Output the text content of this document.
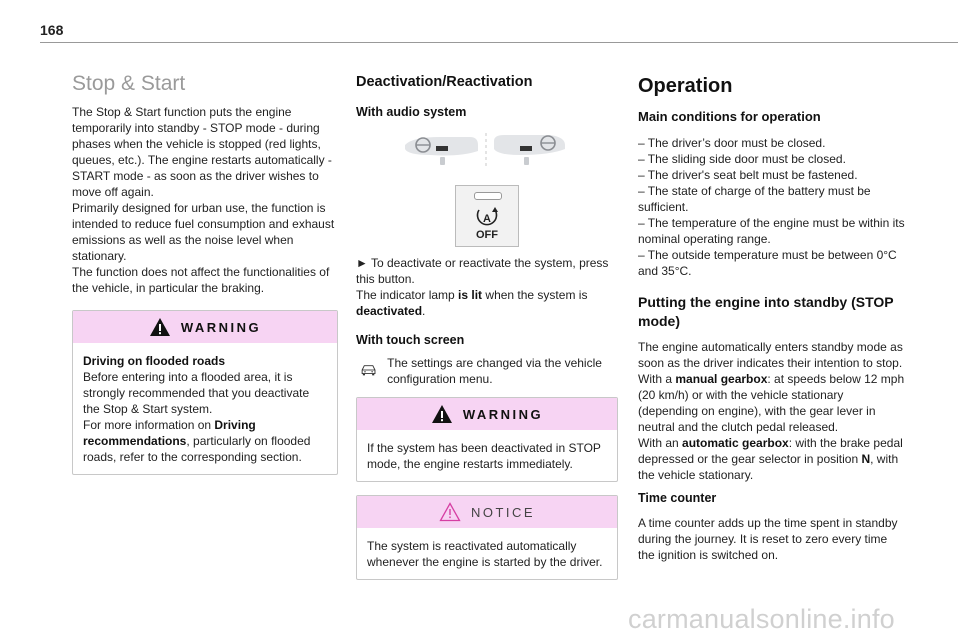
168
Stop & Start

The Stop & Start function puts the engine temporarily into standby - STOP mode - during phases when the vehicle is stopped (red lights, queues, etc.). The engine restarts automatically - START mode - as soon as the driver wishes to move off again.

Primarily designed for urban use, the function is intended to reduce fuel consumption and exhaust emissions as well as the noise level when stationary.

The function does not affect the functionalities of the vehicle, in particular the braking.

WARNING
Driving on flooded roads
Before entering into a flooded area, it is strongly recommended that you deactivate the Stop & Start system.
For more information on Driving recommendations, particularly on flooded roads, refer to the corresponding section.
Deactivation/Reactivation
With audio system
A
OFF

► To deactivate or reactivate the system, press this button.

The indicator lamp is lit when the system is deactivated.

With touch screen

The settings are changed via the vehicle configuration menu.

WARNING
If the system has been deactivated in STOP mode, the engine restarts immediately.
NOTICE
The system is reactivated automatically whenever the engine is started by the driver.
Operation
Main conditions for operation

– The driver’s door must be closed.

– The sliding side door must be closed.

– The driver's seat belt must be fastened.

– The state of charge of the battery must be sufficient.

– The temperature of the engine must be within its nominal operating range.

– The outside temperature must be between 0°C and 35°C.

Putting the engine into standby (STOP mode)

The engine automatically enters standby mode as soon as the driver indicates their intention to stop.

With a manual gearbox: at speeds below 12 mph (20 km/h) or with the vehicle stationary (depending on engine), with the gear lever in neutral and the clutch pedal released.

With an automatic gearbox: with the brake pedal depressed or the gear selector in position N, with the vehicle stationary.

Time counter

A time counter adds up the time spent in standby during the journey. It is reset to zero every time the ignition is switched on.

carmanualsonline.info
